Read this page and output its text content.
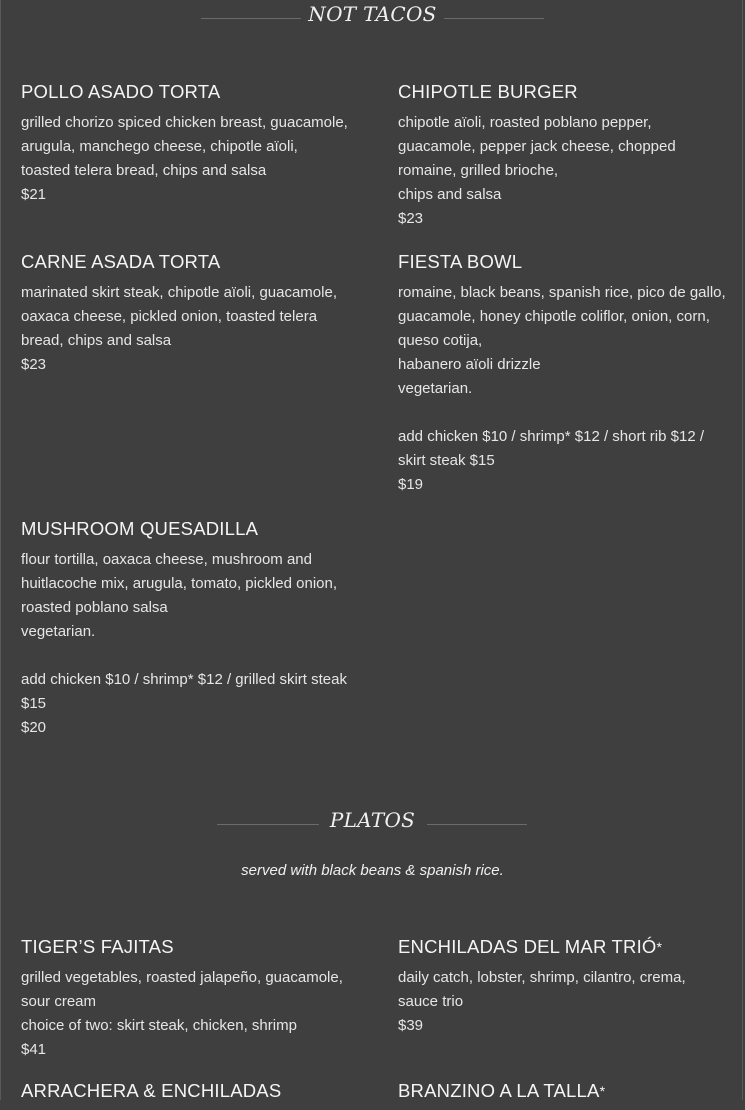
NOT TACOS
POLLO ASADO TORTA

grilled chorizo spiced chicken breast, guacamole,

arugula, manchego cheese, chipotle aïoli,

toasted telera bread, chips and salsa

$21
CHIPOTLE BURGER

chipotle aïoli, roasted poblano pepper,

guacamole, pepper jack cheese, chopped

romaine, grilled brioche,

chips and salsa

$23
CARNE ASADA TORTA

marinated skirt steak, chipotle aïoli, guacamole,

oaxaca cheese, pickled onion, toasted telera

bread, chips and salsa

$23
FIESTA BOWL

romaine, black beans, spanish rice, pico de gallo,

guacamole, honey chipotle coliflor, onion, corn,

queso cotija,

habanero aïoli drizzle

vegetarian.

add chicken $10 / shrimp* $12 / short rib $12 /

skirt steak $15

$19
MUSHROOM QUESADILLA

flour tortilla, oaxaca cheese, mushroom and

huitlacoche mix, arugula, tomato, pickled onion,

roasted poblano salsa

vegetarian.

add chicken $10 / shrimp* $12 / grilled skirt steak

$15

$20
PLATOS
served with black beans & spanish rice.
TIGER’S FAJITAS

grilled vegetables, roasted jalapeño, guacamole,

sour cream

choice of two: skirt steak, chicken, shrimp

$41
ENCHILADAS DEL MAR TRIÓ*

daily catch, lobster, shrimp, cilantro, crema,

sauce trio

$39
ARRACHERA & ENCHILADAS	BRANZINO A LA TALLA*
